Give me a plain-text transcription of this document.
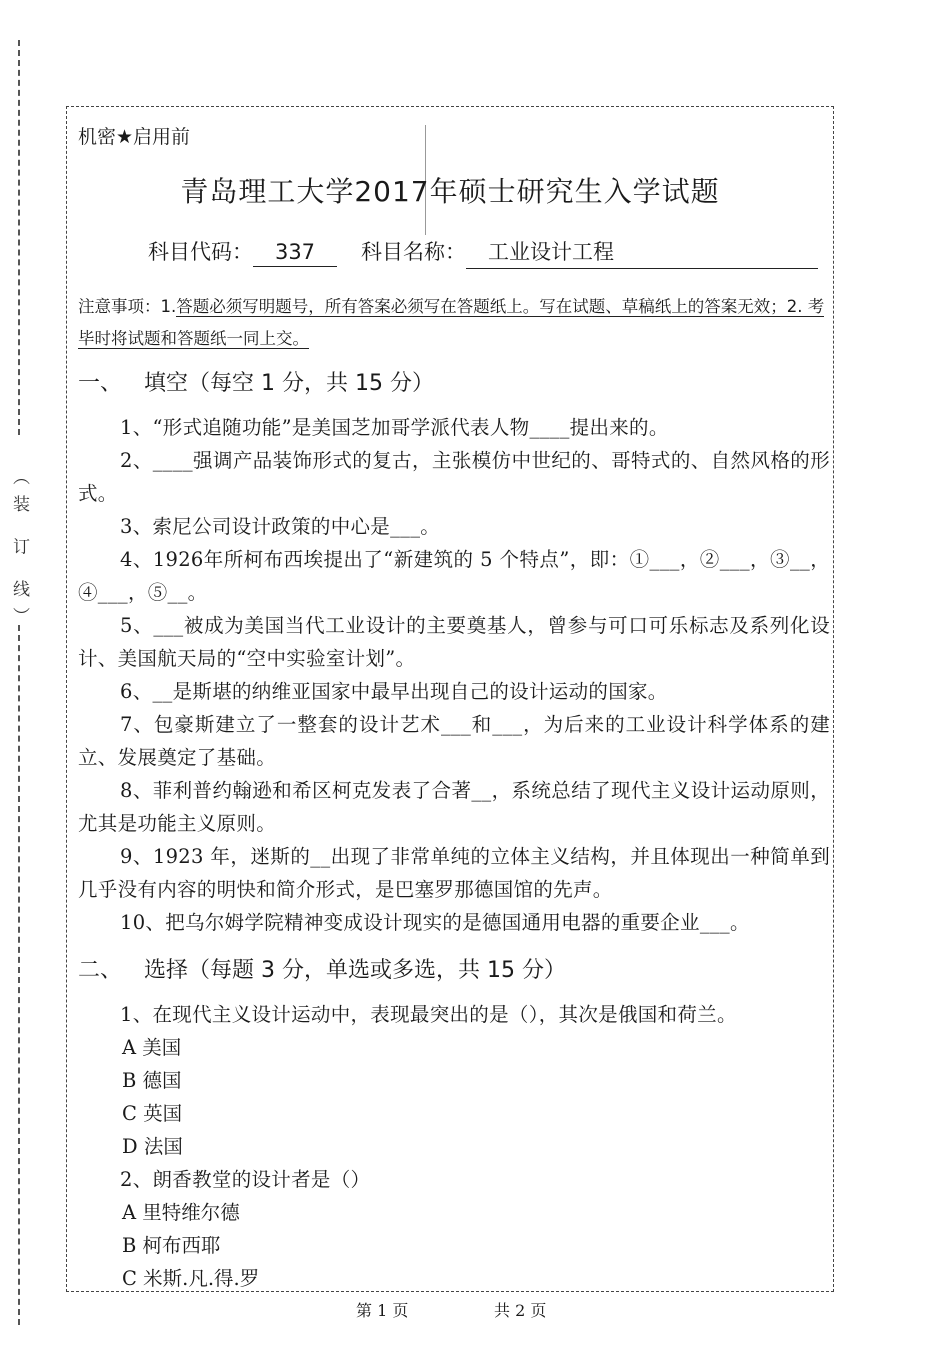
（装 订 线）
机密★启用前
青岛理工大学2017年硕士研究生入学试题
科目代码： 337 科目名称： 工业设计工程
注意事项：1.答题必须写明题号，所有答案必须写在答题纸上。写在试题、草稿纸上的答案无效；2. 考毕时将试题和答题纸一同上交。
一、 填空（每空 1 分，共 15 分）
1、“形式追随功能”是美国芝加哥学派代表人物____提出来的。
2、____强调产品装饰形式的复古，主张模仿中世纪的、哥特式的、自然风格的形式。
3、索尼公司设计政策的中心是___。
4、1926年所柯布西埃提出了“新建筑的 5 个特点”，即：①___，②___，③__，④___，⑤__。
5、___被成为美国当代工业设计的主要奠基人，曾参与可口可乐标志及系列化设计、美国航天局的“空中实验室计划”。
6、__是斯堪的纳维亚国家中最早出现自己的设计运动的国家。
7、包豪斯建立了一整套的设计艺术___和___，为后来的工业设计科学体系的建立、发展奠定了基础。
8、菲利普约翰逊和希区柯克发表了合著__，系统总结了现代主义设计运动原则，尤其是功能主义原则。
9、1923 年，迷斯的__出现了非常单纯的立体主义结构，并且体现出一种简单到几乎没有内容的明快和简介形式，是巴塞罗那德国馆的先声。
10、把乌尔姆学院精神变成设计现实的是德国通用电器的重要企业___。
二、 选择（每题 3 分，单选或多选，共 15 分）
1、在现代主义设计运动中，表现最突出的是（），其次是俄国和荷兰。
A 美国
B 德国
C 英国
D 法国
2、朗香教堂的设计者是（）
A 里特维尔德
B 柯布西耶
C 米斯.凡.得.罗
第 1 页	共 2 页
